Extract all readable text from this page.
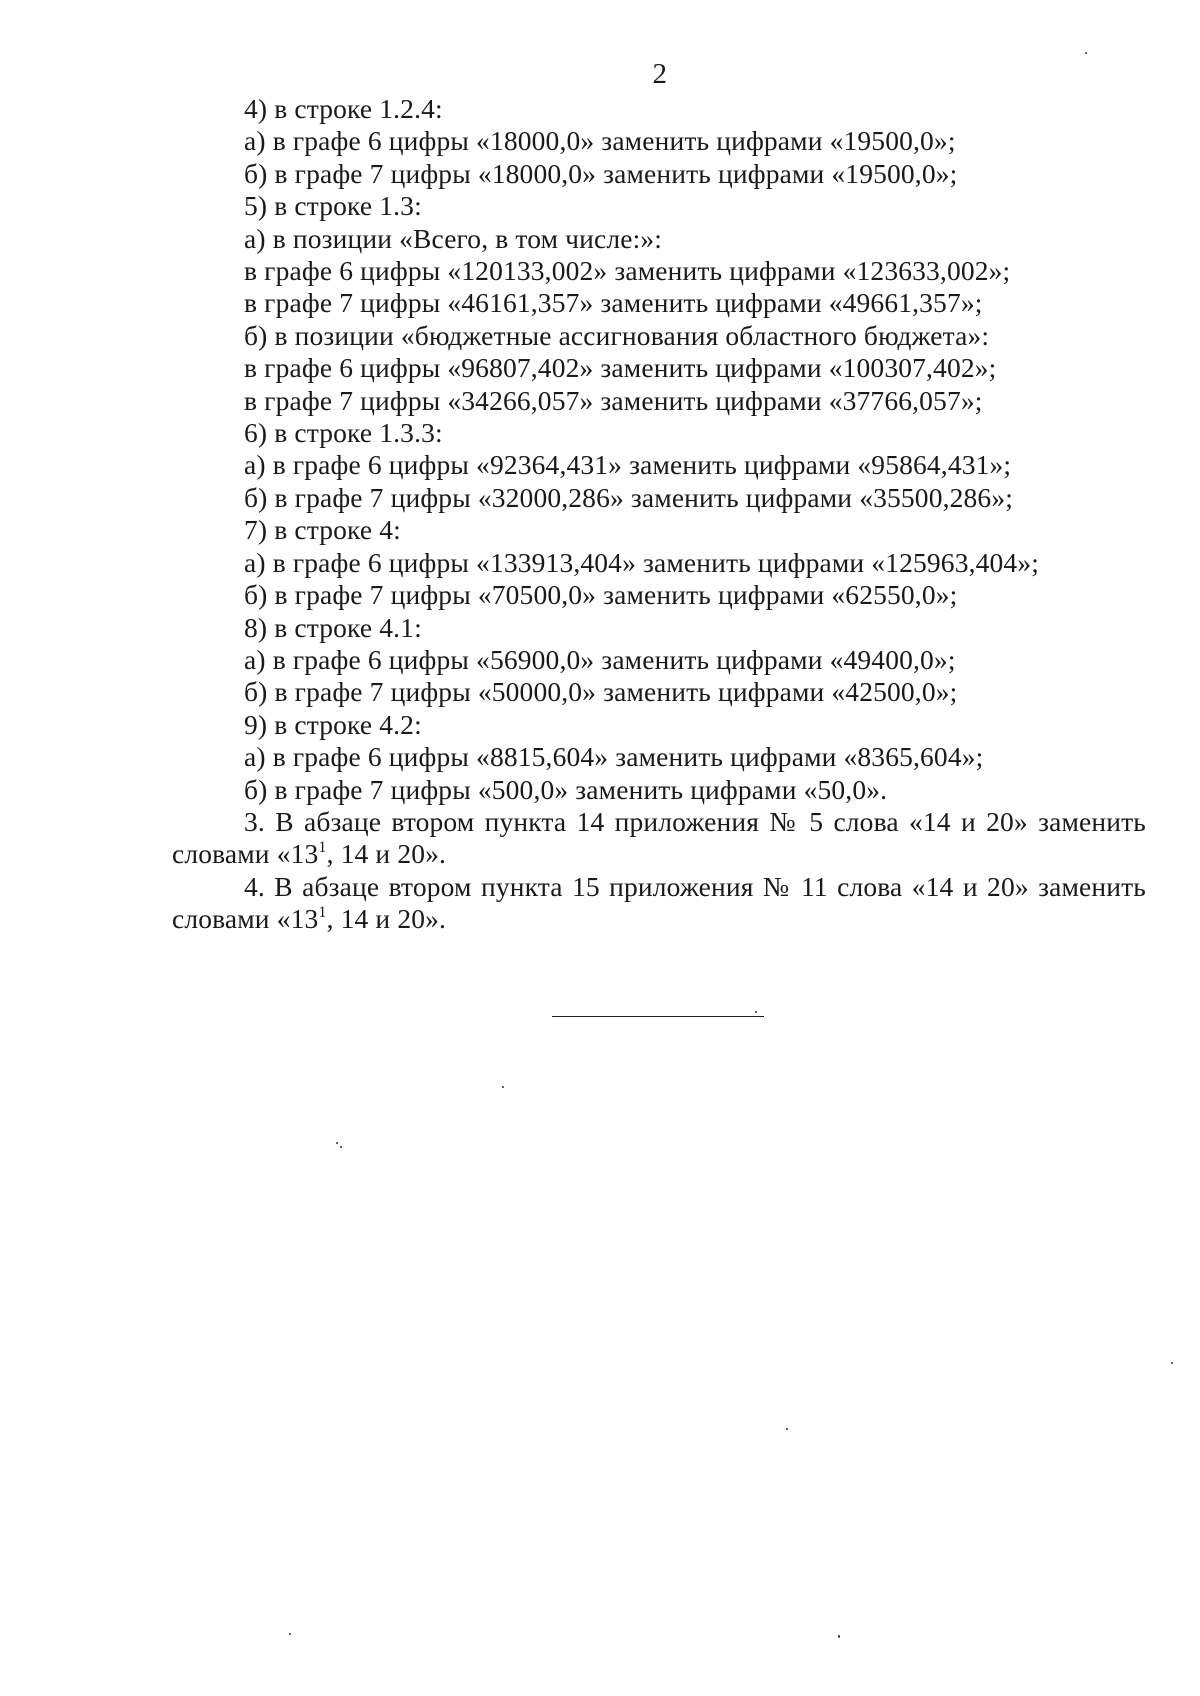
2
4) в строке 1.2.4:
а) в графе 6 цифры «18000,0» заменить цифрами «19500,0»;
б) в графе 7 цифры «18000,0» заменить цифрами «19500,0»;
5) в строке 1.3:
а) в позиции «Всего, в том числе:»:
в графе 6 цифры «120133,002» заменить цифрами «123633,002»;
в графе 7 цифры «46161,357» заменить цифрами «49661,357»;
б) в позиции «бюджетные ассигнования областного бюджета»:
в графе 6 цифры «96807,402» заменить цифрами «100307,402»;
в графе 7 цифры «34266,057» заменить цифрами «37766,057»;
6) в строке 1.3.3:
а) в графе 6 цифры «92364,431» заменить цифрами «95864,431»;
б) в графе 7 цифры «32000,286» заменить цифрами «35500,286»;
7) в строке 4:
а) в графе 6 цифры «133913,404» заменить цифрами «125963,404»;
б) в графе 7 цифры «70500,0» заменить цифрами «62550,0»;
8) в строке 4.1:
а) в графе 6 цифры «56900,0» заменить цифрами «49400,0»;
б) в графе 7 цифры «50000,0» заменить цифрами «42500,0»;
9) в строке 4.2:
а) в графе 6 цифры «8815,604» заменить цифрами «8365,604»;
б) в графе 7 цифры «500,0» заменить цифрами «50,0».
3. В абзаце втором пункта 14 приложения № 5 слова «14 и 20» заменить словами «$13^1$, 14 и 20».
4. В абзаце втором пункта 15 приложения № 11 слова «14 и 20» заменить словами «$13^1$, 14 и 20».
